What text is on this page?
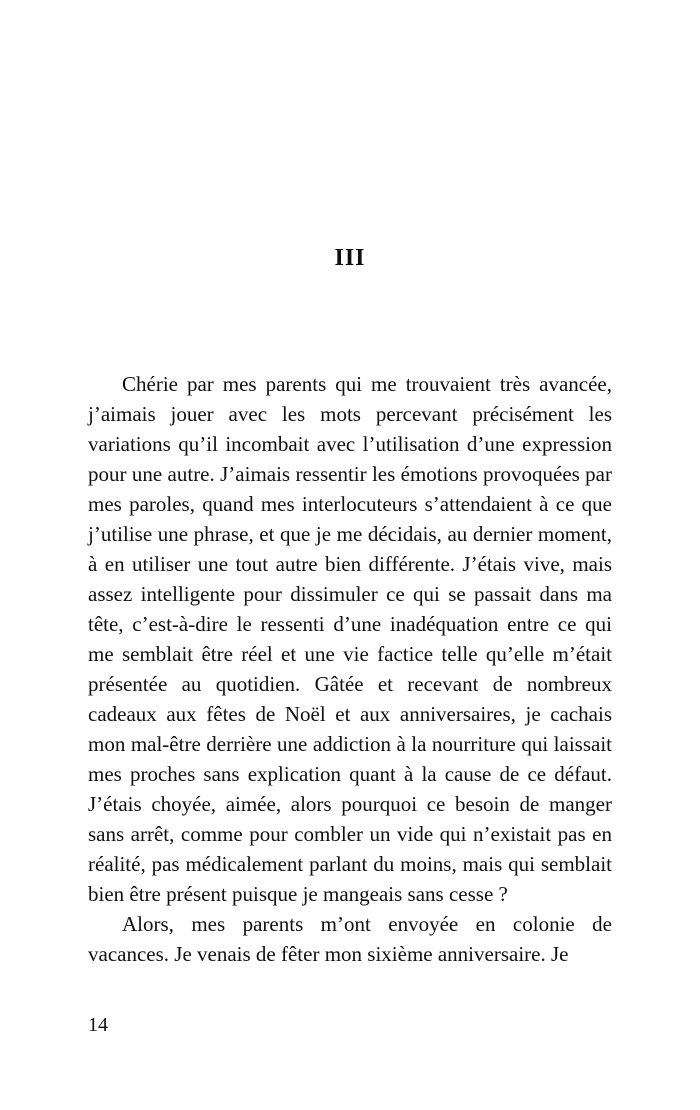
III

Chérie par mes parents qui me trouvaient très avancée, j’aimais jouer avec les mots percevant précisément les variations qu’il incombait avec l’utilisation d’une expression pour une autre. J’aimais ressentir les émotions provoquées par mes paroles, quand mes interlocuteurs s’attendaient à ce que j’utilise une phrase, et que je me décidais, au dernier moment, à en utiliser une tout autre bien différente. J’étais vive, mais assez intelligente pour dissimuler ce qui se passait dans ma tête, c’est-à-dire le ressenti d’une inadéquation entre ce qui me semblait être réel et une vie factice telle qu’elle m’était présentée au quotidien. Gâtée et recevant de nombreux cadeaux aux fêtes de Noël et aux anniversaires, je cachais mon mal-être derrière une addiction à la nourriture qui laissait mes proches sans explication quant à la cause de ce défaut. J’étais choyée, aimée, alors pourquoi ce besoin de manger sans arrêt, comme pour combler un vide qui n’existait pas en réalité, pas médicalement parlant du moins, mais qui semblait bien être présent puisque je mangeais sans cesse ?

Alors, mes parents m’ont envoyée en colonie de vacances. Je venais de fêter mon sixième anniversaire. Je

14
